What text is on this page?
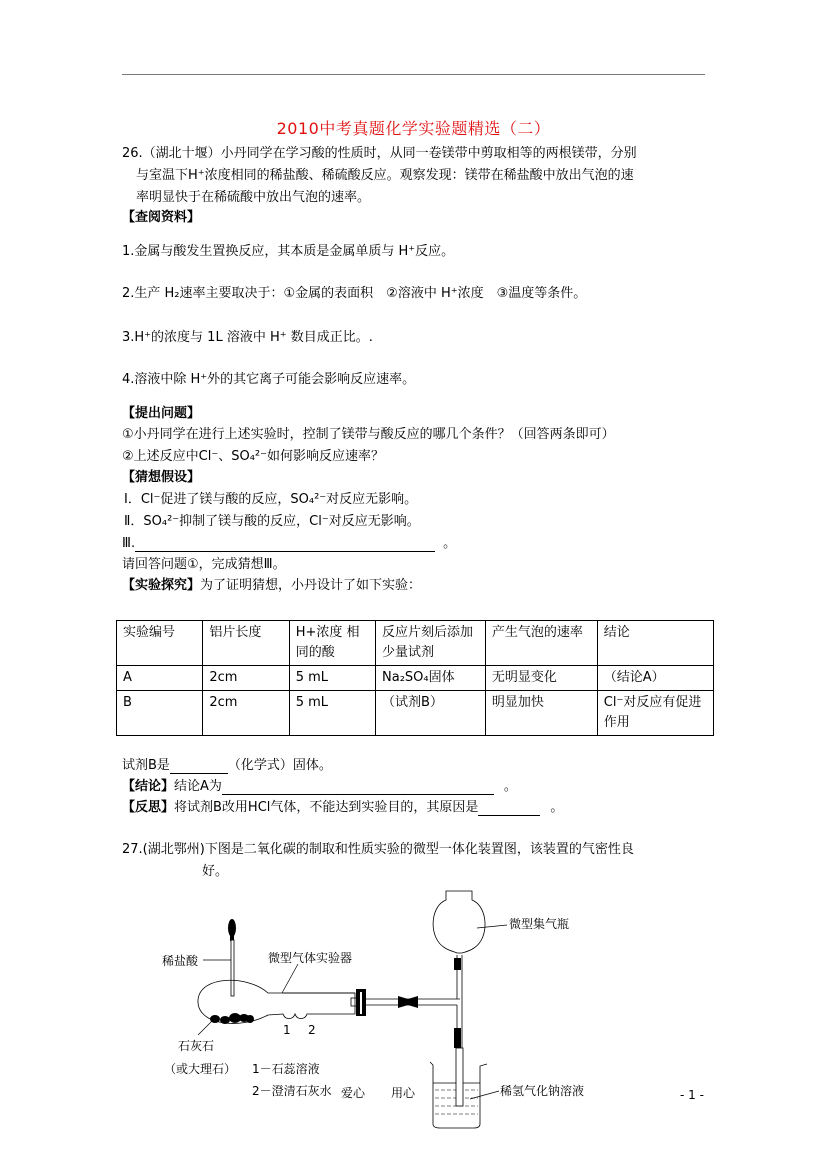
2010中考真题化学实验题精选（二）
26.（湖北十堰）小丹同学在学习酸的性质时，从同一卷镁带中剪取相等的两根镁带，分别
与室温下H⁺浓度相同的稀盐酸、稀硫酸反应。观察发现：镁带在稀盐酸中放出气泡的速
率明显快于在稀硫酸中放出气泡的速率。
【查阅资料】
1.金属与酸发生置换反应，其本质是金属单质与 H⁺反应。
2.生产 H₂速率主要取决于：①金属的表面积　②溶液中 H⁺浓度　③温度等条件。
3.H⁺的浓度与 1L 溶液中 H⁺ 数目成正比。.
4.溶液中除 H⁺外的其它离子可能会影响反应速率。
【提出问题】
①小丹同学在进行上述实验时，控制了镁带与酸反应的哪几个条件？（回答两条即可）
②上述反应中Cl⁻、SO₄²⁻如何影响反应速率？
【猜想假设】
Ⅰ．Cl⁻促进了镁与酸的反应，SO₄²⁻对反应无影响。
Ⅱ．SO₄²⁻抑制了镁与酸的反应，Cl⁻对反应无影响。
Ⅲ.	。
请回答问题①，完成猜想Ⅲ。
【实验探究】为了证明猜想，小丹设计了如下实验：
实验编号	铝片长度	H+浓度 相同的酸	反应片刻后添加少量试剂	产生气泡的速率	结论
A	2cm	5 mL	Na₂SO₄固体	无明显变化	（结论A）
B	2cm	5 mL	（试剂B）	明显加快	Cl⁻对反应有促进作用
试剂B是	（化学式）固体。
【结论】结论A为	。
【反思】将试剂B改用HCl气体，不能达到实验目的，其原因是	。
27.(湖北鄂州)下图是二氧化碳的制取和性质实验的微型一体化装置图，该装置的气密性良
好。
稀盐酸	微型气体实验器
微型集气瓶
1 2
石灰石
（或大理石） 1－石蕊溶液
2－澄清石灰水 爱心 用心	稀氢气化钠溶液	- 1 -
